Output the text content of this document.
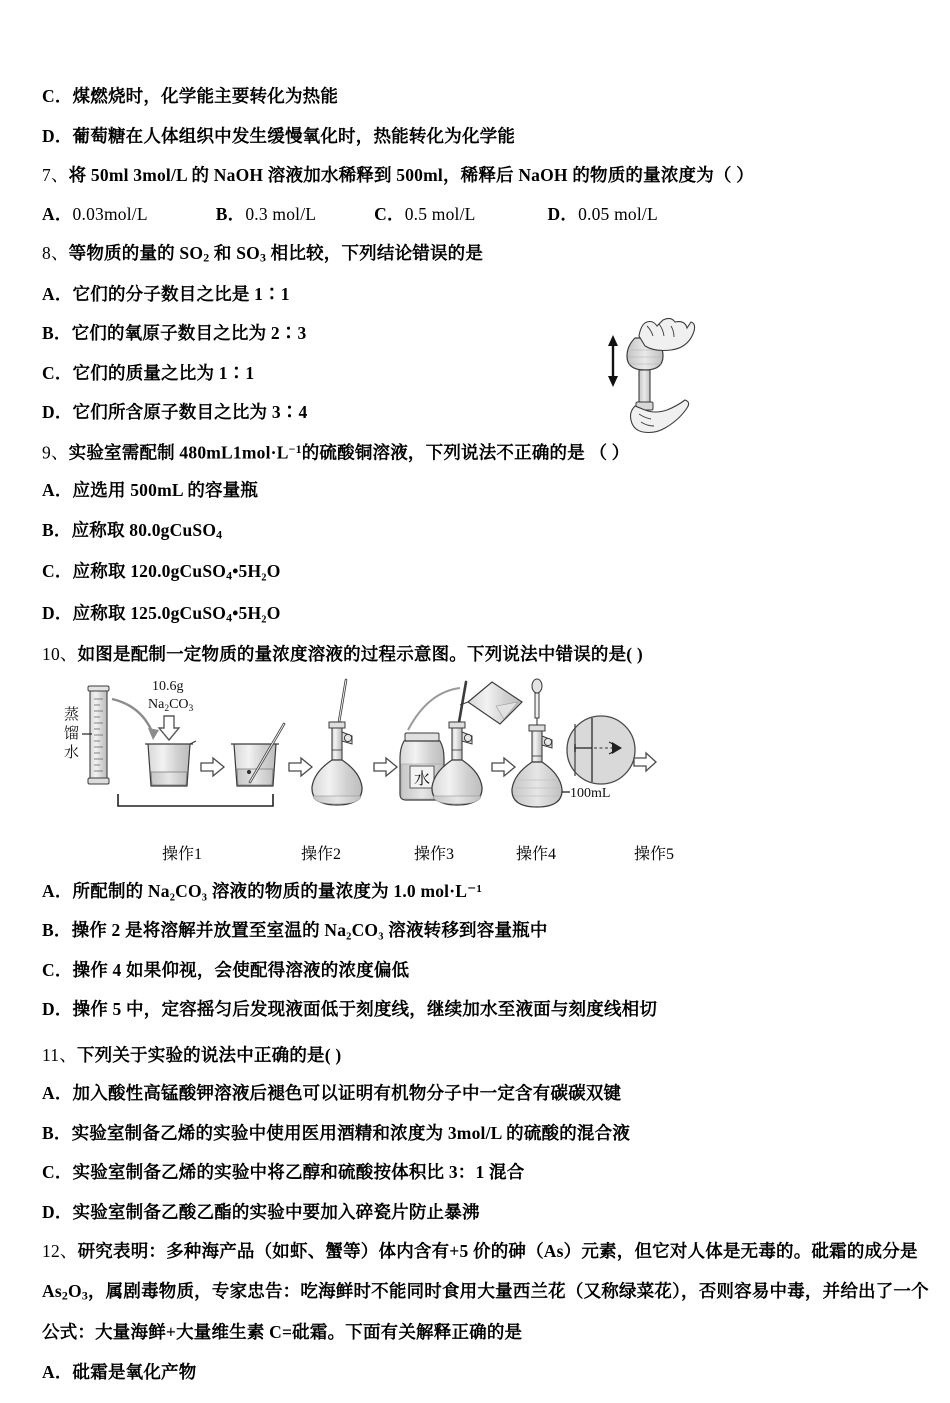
C．煤燃烧时，化学能主要转化为热能
D．葡萄糖在人体组织中发生缓慢氧化时，热能转化为化学能
7、将 50ml 3mol/L 的 NaOH 溶液加水稀释到 500ml，稀释后 NaOH 的物质的量浓度为（ ）
A．0.03mol/L	B．0.3 mol/L	C．0.5 mol/L	D．0.05 mol/L
8、等物质的量的 $SO_2$ 和 $SO_3$ 相比较，下列结论错误的是
A．它们的分子数目之比是 1∶1
B．它们的氧原子数目之比为 2∶3
C．它们的质量之比为 1∶1
D．它们所含原子数目之比为 3∶4
9、实验室需配制 $480mL1mol\cdot L^{-1}$的硫酸铜溶液，下列说法不正确的是 （ ）
A．应选用 500mL 的容量瓶
B．应称取 80.0gCuSO$_4$
C．应称取 120.0gCuSO$_4$•5H₂O
D．应称取 125.0gCuSO$_4$•5H₂O
10、如图是配制一定物质的量浓度溶液的过程示意图。下列说法中错误的是( )
蒸
馏
水
10.6g
$Na_2CO_3$
水
100mL
操作1	操作2	操作3	操作4	操作5
A．所配制的 Na₂CO₃ 溶液的物质的量浓度为 1.0 mol·L⁻¹
B．操作 2 是将溶解并放置至室温的 Na₂CO₃ 溶液转移到容量瓶中
C．操作 4 如果仰视，会使配得溶液的浓度偏低
D．操作 5 中，定容摇匀后发现液面低于刻度线，继续加水至液面与刻度线相切
11、下列关于实验的说法中正确的是( )
A．加入酸性高锰酸钾溶液后褪色可以证明有机物分子中一定含有碳碳双键
B．实验室制备乙烯的实验中使用医用酒精和浓度为 3mol/L 的硫酸的混合液
C．实验室制备乙烯的实验中将乙醇和硫酸按体积比 3：1 混合
D．实验室制备乙酸乙酯的实验中要加入碎瓷片防止暴沸
12、研究表明：多种海产品（如虾、蟹等）体内含有+5 价的砷（As）元素，但它对人体是无毒的。砒霜的成分是
$As_2O_3$，属剧毒物质，专家忠告：吃海鲜时不能同时食用大量西兰花（又称绿菜花），否则容易中毒，并给出了一个
公式：大量海鲜+大量维生素 C=砒霜。下面有关解释正确的是
A．砒霜是氧化产物
